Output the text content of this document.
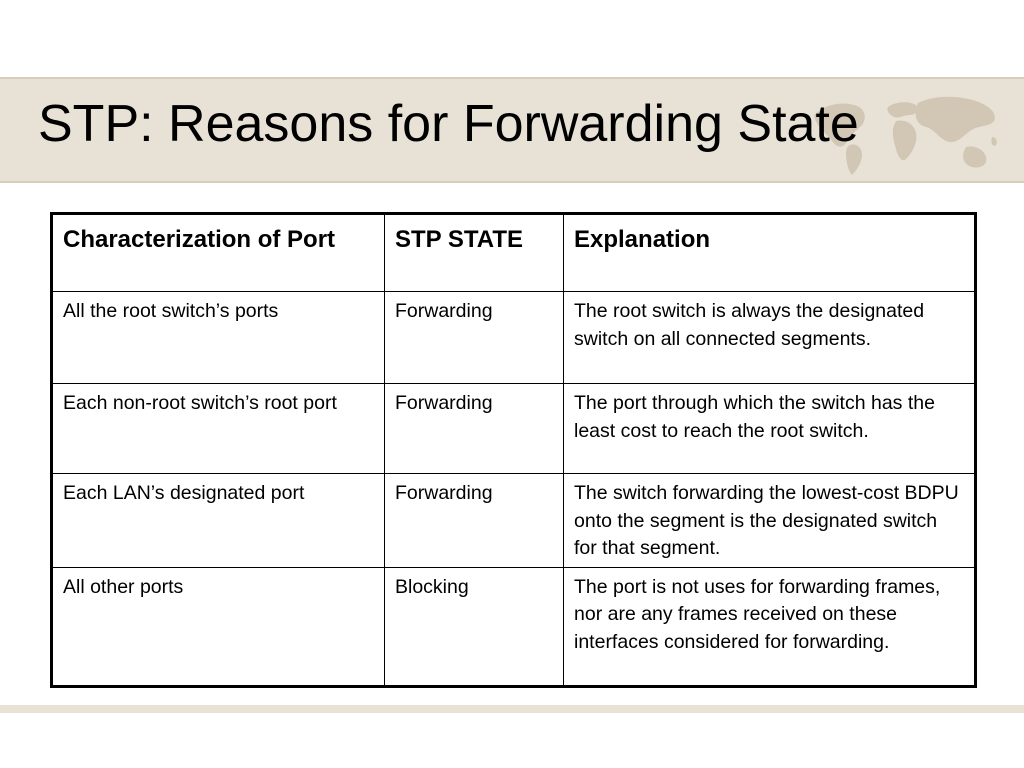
STP: Reasons for Forwarding State
Characterization of Port	STP STATE	Explanation
All the root switch’s ports	Forwarding	The root switch is always the designated switch on all connected segments.
Each non-root switch’s root port	Forwarding	The port through which the switch has the least cost to reach the root switch.
Each LAN’s designated port	Forwarding	The switch forwarding the lowest-cost BDPU onto the segment is the designated switch for that segment.
All other ports	Blocking	The port is not uses for forwarding frames, nor are any frames received on these interfaces considered for forwarding.
